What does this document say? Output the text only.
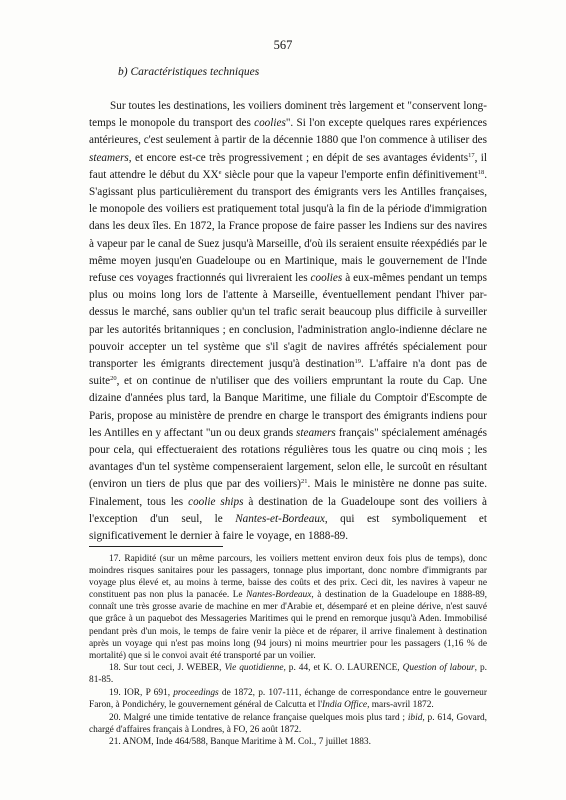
567
b) Caractéristiques techniques

Sur toutes les destinations, les voiliers dominent très largement et "conservent longtemps le monopole du transport des coolies". Si l'on excepte quelques rares expériences antérieures, c'est seulement à partir de la décennie 1880 que l'on commence à utiliser des steamers, et encore est-ce très progressivement ; en dépit de ses avantages évidents$^{17}$, il faut attendre le début du XXe siècle pour que la vapeur l'emporte enfin définitivement$^{18}$. S'agissant plus particulièrement du transport des émigrants vers les Antilles françaises, le monopole des voiliers est pratiquement total jusqu'à la fin de la période d'immigration dans les deux îles. En 1872, la France propose de faire passer les Indiens sur des navires à vapeur par le canal de Suez jusqu'à Marseille, d'où ils seraient ensuite réexpédiés par le même moyen jusqu'en Guadeloupe ou en Martinique, mais le gouvernement de l'Inde refuse ces voyages fractionnés qui livreraient les coolies à eux-mêmes pendant un temps plus ou moins long lors de l'attente à Marseille, éventuellement pendant l'hiver par-dessus le marché, sans oublier qu'un tel trafic serait beaucoup plus difficile à surveiller par les autorités britanniques ; en conclusion, l'administration anglo-indienne déclare ne pouvoir accepter un tel système que s'il s'agit de navires affrétés spécialement pour transporter les émigrants directement jusqu'à destination$^{19}$. L'affaire n'a dont pas de suite$^{20}$, et on continue de n'utiliser que des voiliers empruntant la route du Cap. Une dizaine d'années plus tard, la Banque Maritime, une filiale du Comptoir d'Escompte de Paris, propose au ministère de prendre en charge le transport des émigrants indiens pour les Antilles en y affectant "un ou deux grands steamers français" spécialement aménagés pour cela, qui effectueraient des rotations régulières tous les quatre ou cinq mois ; les avantages d'un tel système compenseraient largement, selon elle, le surcoût en résultant (environ un tiers de plus que par des voiliers)$^{21}$. Mais le ministère ne donne pas suite. Finalement, tous les coolie ships à destination de la Guadeloupe sont des voiliers à l'exception d'un seul, le Nantes-et-Bordeaux, qui est symboliquement et significativement le dernier à faire le voyage, en 1888-89.

17. Rapidité (sur un même parcours, les voiliers mettent environ deux fois plus de temps), donc moindres risques sanitaires pour les passagers, tonnage plus important, donc nombre d'immigrants par voyage plus élevé et, au moins à terme, baisse des coûts et des prix. Ceci dit, les navires à vapeur ne constituent pas non plus la panacée. Le Nantes-Bordeaux, à destination de la Guadeloupe en 1888-89, connaît une très grosse avarie de machine en mer d'Arabie et, désemparé et en pleine dérive, n'est sauvé que grâce à un paquebot des Messageries Maritimes qui le prend en remorque jusqu'à Aden. Immobilisé pendant près d'un mois, le temps de faire venir la pièce et de réparer, il arrive finalement à destination après un voyage qui n'est pas moins long (94 jours) ni moins meurtrier pour les passagers (1,16 % de mortalité) que si le convoi avait été transporté par un voilier.

18. Sur tout ceci, J. WEBER, Vie quotidienne, p. 44, et K. O. LAURENCE, Question of labour, p. 81-85.

19. IOR, P 691, proceedings de 1872, p. 107-111, échange de correspondance entre le gouverneur Faron, à Pondichéry, le gouvernement général de Calcutta et l'India Office, mars-avril 1872.

20. Malgré une timide tentative de relance française quelques mois plus tard ; ibid, p. 614, Govard, chargé d'affaires français à Londres, à FO, 26 août 1872.

21. ANOM, Inde 464/588, Banque Maritime à M. Col., 7 juillet 1883.
